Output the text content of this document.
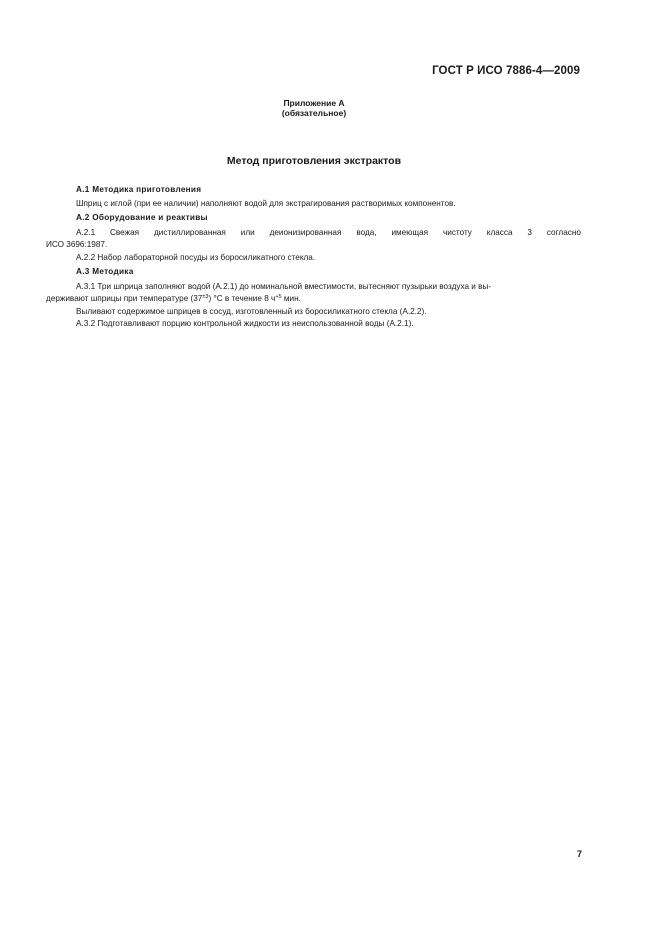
ГОСТ Р ИСО 7886-4—2009
Приложение А
(обязательное)
Метод приготовления экстрактов
А.1 Методика приготовления
Шприц с иглой (при ее наличии) наполняют водой для экстрагирования растворимых компонентов.
А.2 Оборудование и реактивы
А.2.1 Свежая дистиллированная или деионизированная вода, имеющая чистоту класса 3 согласно
ИСО 3696:1987.
А.2.2 Набор лабораторной посуды из боросиликатного стекла.
А.3 Методика
А.3.1 Три шприца заполняют водой (А.2.1) до номинальной вместимости, вытесняют пузырьки воздуха и вы-
держивают шприцы при температуре $(37^{\pm 3})$ °С в течение 8 $ч^{+5}$ мин.
Выливают содержимое шприцев в сосуд, изготовленный из боросиликатного стекла (А.2.2).
А.3.2 Подготавливают порцию контрольной жидкости из неиспользованной воды (А.2.1).
7
